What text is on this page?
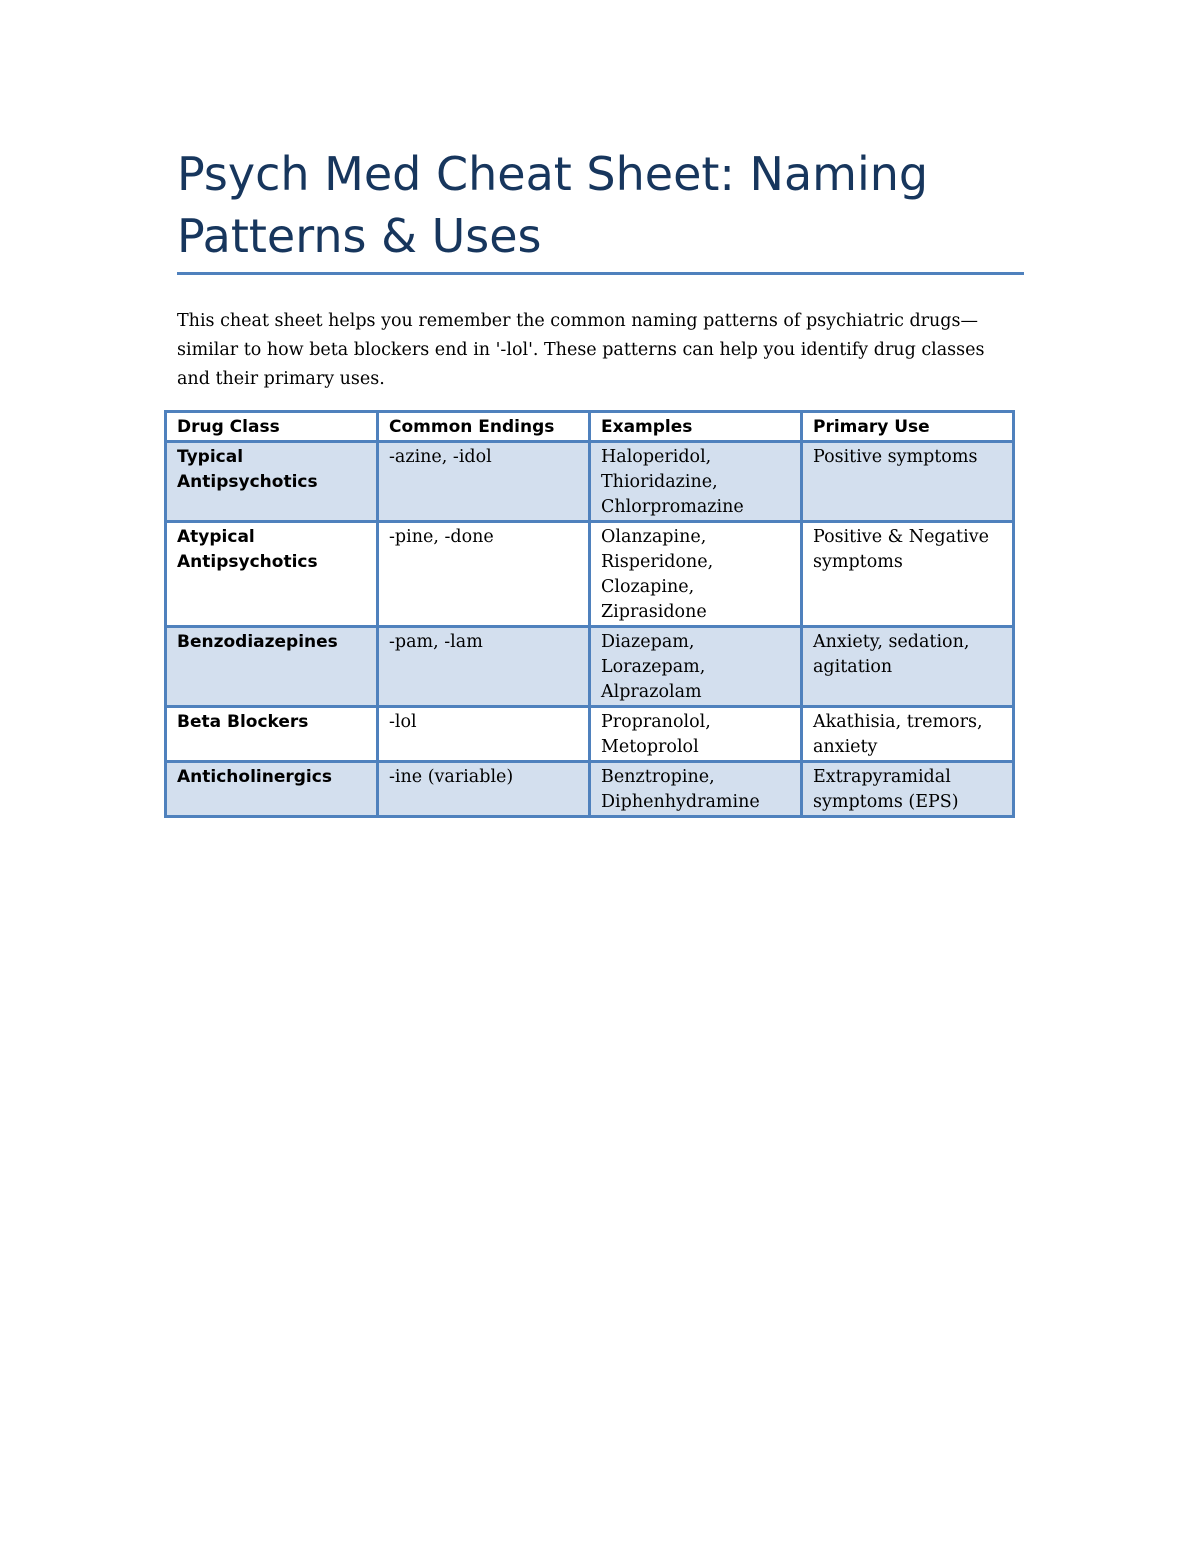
Psych Med Cheat Sheet: Naming
Patterns & Uses

This cheat sheet helps you remember the common naming patterns of psychiatric drugs—
similar to how beta blockers end in '-lol'. These patterns can help you identify drug classes
and their primary uses.

Drug Class	Common Endings	Examples	Primary Use

Typical
Antipsychotics	-azine, -idol	Haloperidol,
Thioridazine,
Chlorpromazine	Positive symptoms

Atypical
Antipsychotics	-pine, -done	Olanzapine,
Risperidone,
Clozapine,
Ziprasidone	Positive & Negative
symptoms

Benzodiazepines	-pam, -lam	Diazepam,
Lorazepam,
Alprazolam	Anxiety, sedation,
agitation

Beta Blockers	-lol	Propranolol,
Metoprolol	Akathisia, tremors,
anxiety

Anticholinergics	-ine (variable)	Benztropine,
Diphenhydramine	Extrapyramidal
symptoms (EPS)
